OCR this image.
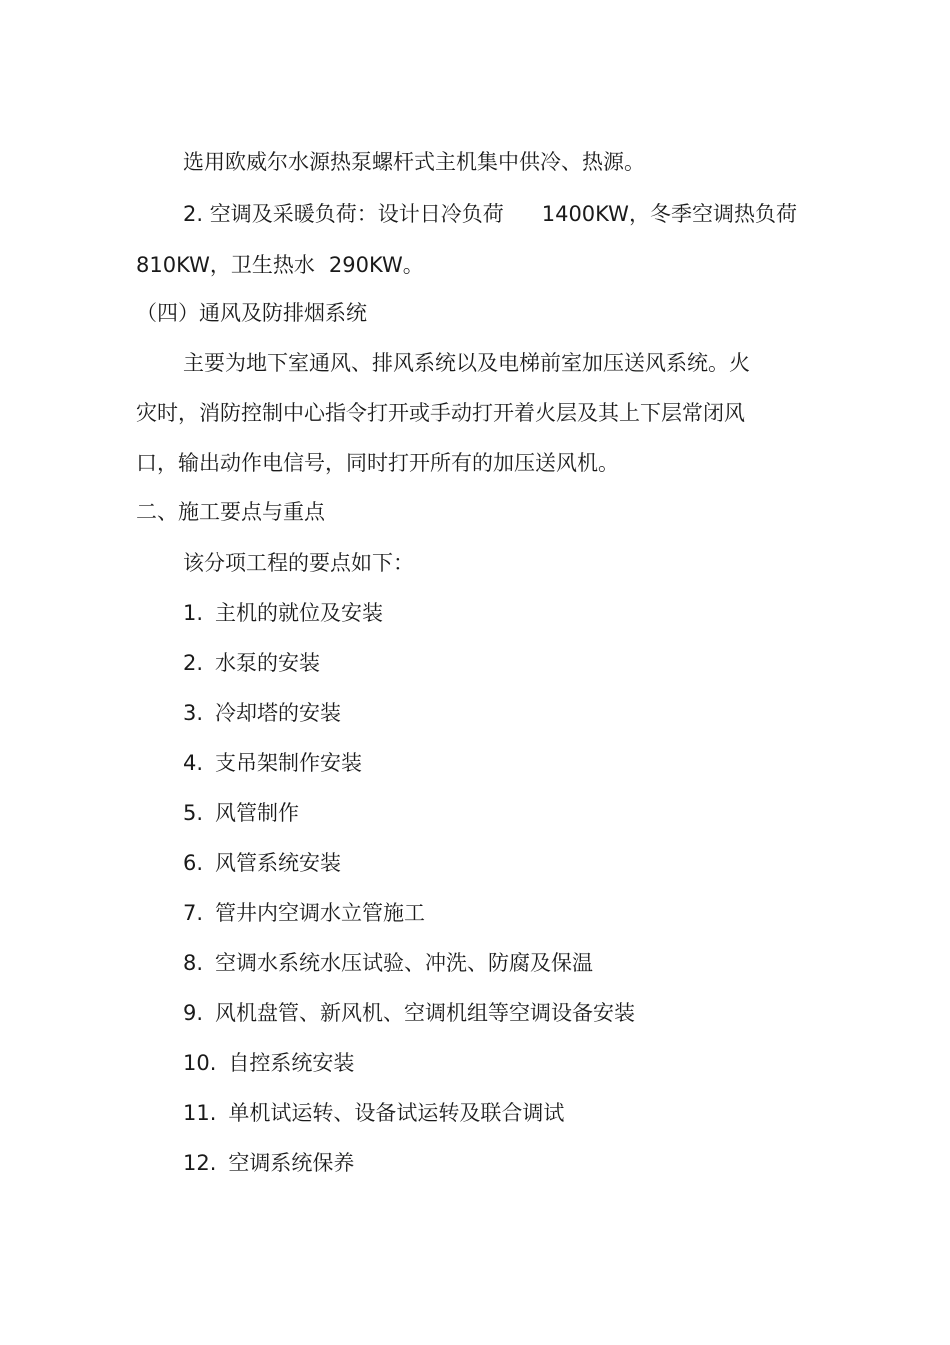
选用欧威尔水源热泵螺杆式主机集中供冷、热源。
2. 空调及采暖负荷：设计日冷负荷 1400KW，冬季空调热负荷
810KW，卫生热水 290KW。
（四）通风及防排烟系统
主要为地下室通风、排风系统以及电梯前室加压送风系统。火
灾时，消防控制中心指令打开或手动打开着火层及其上下层常闭风
口，输出动作电信号，同时打开所有的加压送风机。
二、施工要点与重点
该分项工程的要点如下：
1. 主机的就位及安装
2. 水泵的安装
3. 冷却塔的安装
4. 支吊架制作安装
5. 风管制作
6. 风管系统安装
7. 管井内空调水立管施工
8. 空调水系统水压试验、冲洗、防腐及保温
9. 风机盘管、新风机、空调机组等空调设备安装
10. 自控系统安装
11. 单机试运转、设备试运转及联合调试
12. 空调系统保养
